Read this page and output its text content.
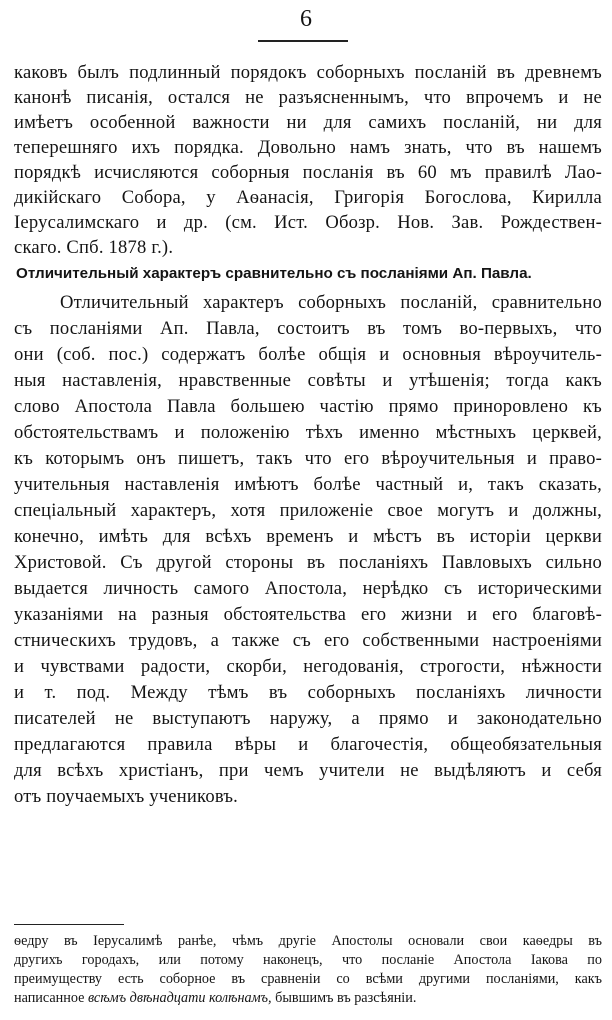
6
каковъ былъ подлинный порядокъ соборныхъ посланій въ древнемъ
канонѣ писанія, остался не разъясненнымъ, что впрочемъ и не
имѣетъ особенной важности ни для самихъ посланій, ни для
теперешняго ихъ порядка. Довольно намъ знать, что въ нашемъ
порядкѣ исчисляются соборныя посланія въ 60 мъ правилѣ Лао-
дикійскаго Собора, у Аѳанасія, Григорія Богослова, Кирилла
Іерусалимскаго и др. (см. Ист. Обозр. Нов. Зав. Рождествен-
скаго. Спб. 1878 г.).
Отличительный характеръ сравнительно съ посланіями Ап. Павла.
Отличительный характеръ соборныхъ посланій, сравнительно
съ посланіями Ап. Павла, состоитъ въ томъ во-первыхъ, что
они (соб. пос.) содержатъ болѣе общія и основныя вѣроучитель-
ныя наставленія, нравственные совѣты и утѣшенія; тогда какъ
слово Апостола Павла большею частію прямо приноровлено къ
обстоятельствамъ и положенію тѣхъ именно мѣстныхъ церквей,
къ которымъ онъ пишетъ, такъ что его вѣроучительныя и право-
учительныя наставленія имѣютъ болѣе частный и, такъ сказать,
спеціальный характеръ, хотя приложеніе свое могутъ и должны,
конечно, имѣть для всѣхъ временъ и мѣстъ въ исторіи церкви
Христовой. Съ другой стороны въ посланіяхъ Павловыхъ сильно
выдается личность самого Апостола, нерѣдко съ историческими
указаніями на разныя обстоятельства его жизни и его благовѣ-
стническихъ трудовъ, а также съ его собственными настроеніями
и чувствами радости, скорби, негодованія, строгости, нѣжности
и т. под. Между тѣмъ въ соборныхъ посланіяхъ личности
писателей не выступаютъ наружу, а прямо и законодательно
предлагаются правила вѣры и благочестія, общеобязательныя
для всѣхъ христіанъ, при чемъ учители не выдѣляютъ и себя
отъ поучаемыхъ учениковъ.
ѳедру въ Іерусалимѣ ранѣе, чѣмъ другіе Апостолы основали свои каѳедры въ
другихъ городахъ, или потому наконецъ, что посланіе Апостола Іакова по
преимуществу есть соборное въ сравненіи со всѣми другими посланіями, какъ
написанное всѣмъ двѣнадцати колѣнамъ, бывшимъ въ разсѣяніи.
